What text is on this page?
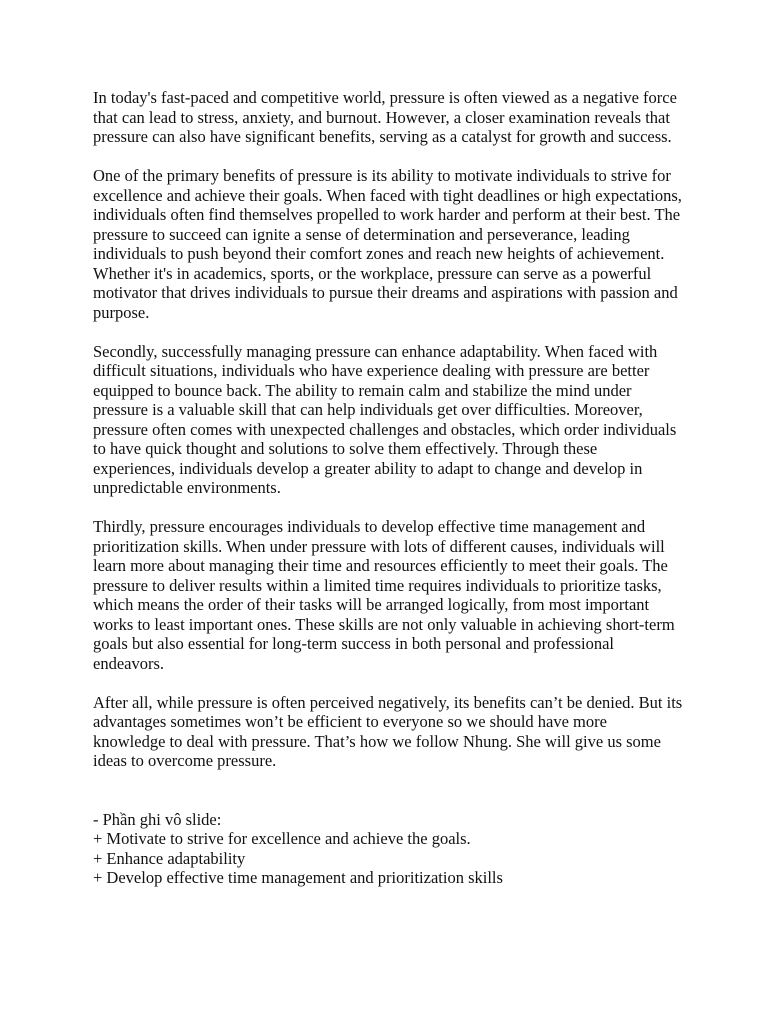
In today's fast-paced and competitive world, pressure is often viewed as a negative force that can lead to stress, anxiety, and burnout. However, a closer examination reveals that pressure can also have significant benefits, serving as a catalyst for growth and success.

One of the primary benefits of pressure is its ability to motivate individuals to strive for excellence and achieve their goals. When faced with tight deadlines or high expectations, individuals often find themselves propelled to work harder and perform at their best. The pressure to succeed can ignite a sense of determination and perseverance, leading individuals to push beyond their comfort zones and reach new heights of achievement. Whether it's in academics, sports, or the workplace, pressure can serve as a powerful motivator that drives individuals to pursue their dreams and aspirations with passion and purpose.

Secondly, successfully managing pressure can enhance adaptability. When faced with difficult situations, individuals who have experience dealing with pressure are better equipped to bounce back. The ability to remain calm and stabilize the mind under pressure is a valuable skill that can help individuals get over difficulties. Moreover, pressure often comes with unexpected challenges and obstacles, which order individuals to have quick thought and solutions to solve them effectively. Through these experiences, individuals develop a greater ability to adapt to change and develop in unpredictable environments.

Thirdly, pressure encourages individuals to develop effective time management and prioritization skills. When under pressure with lots of different causes, individuals will learn more about managing their time and resources efficiently to meet their goals. The pressure to deliver results within a limited time requires individuals to prioritize tasks, which means the order of their tasks will be arranged logically, from most important works to least important ones. These skills are not only valuable in achieving short-term goals but also essential for long-term success in both personal and professional endeavors.

After all, while pressure is often perceived negatively, its benefits can’t be denied. But its advantages sometimes won’t be efficient to everyone so we should have more knowledge to deal with pressure. That’s how we follow Nhung. She will give us some ideas to overcome pressure.

- Phần ghi vô slide:
+ Motivate to strive for excellence and achieve the goals.
+ Enhance adaptability
+ Develop effective time management and prioritization skills
